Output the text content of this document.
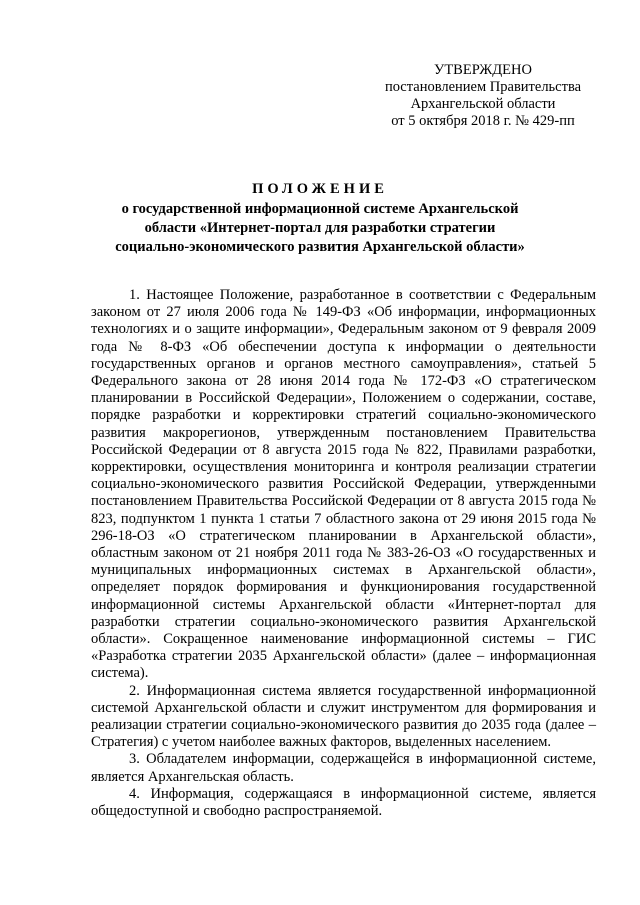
УТВЕРЖДЕНО
постановлением Правительства
Архангельской области
от 5 октября 2018 г. № 429-пп
ПОЛОЖЕНИЕ
о государственной информационной системе Архангельской
области «Интернет-портал для разработки стратегии
социально-экономического развития Архангельской области»

1. Настоящее Положение, разработанное в соответствии с Федеральным законом от 27 июля 2006 года № 149-ФЗ «Об информации, информационных технологиях и о защите информации», Федеральным законом от 9 февраля 2009 года № 8-ФЗ «Об обеспечении доступа к информации о деятельности государственных органов и органов местного самоуправления», статьей 5 Федерального закона от 28 июня 2014 года № 172-ФЗ «О стратегическом планировании в Российской Федерации», Положением о содержании, составе, порядке разработки и корректировки стратегий социально-экономического развития макрорегионов, утвержденным постановлением Правительства Российской Федерации от 8 августа 2015 года № 822, Правилами разработки, корректировки, осуществления мониторинга и контроля реализации стратегии социально-экономического развития Российской Федерации, утвержденными постановлением Правительства Российской Федерации от 8 августа 2015 года № 823, подпунктом 1 пункта 1 статьи 7 областного закона от 29 июня 2015 года № 296-18-ОЗ «О стратегическом планировании в Архангельской области», областным законом от 21 ноября 2011 года № 383-26-ОЗ «О государственных и муниципальных информационных системах в Архангельской области», определяет порядок формирования и функционирования государственной информационной системы Архангельской области «Интернет-портал для разработки стратегии социально-экономического развития Архангельской области». Сокращенное наименование информационной системы – ГИС «Разработка стратегии 2035 Архангельской области» (далее – информационная система).

2. Информационная система является государственной информационной системой Архангельской области и служит инструментом для формирования и реализации стратегии социально-экономического развития до 2035 года (далее – Стратегия) с учетом наиболее важных факторов, выделенных населением.

3. Обладателем информации, содержащейся в информационной системе, является Архангельская область.

4. Информация, содержащаяся в информационной системе, является общедоступной и свободно распространяемой.
